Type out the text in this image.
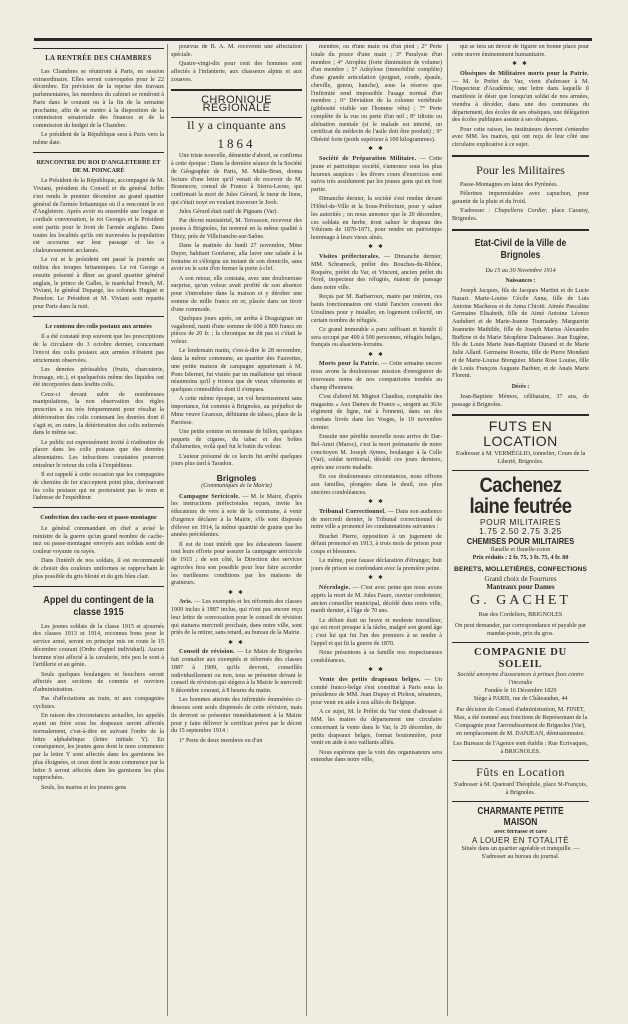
LA RENTRÉE DES CHAMBRES

Les Chambres se réuniront à Paris, en session extraordinaire. Elles seront convoquées pour le 22 décembre. En prévision de la reprise des travaux parlementaires, les membres du cabinet se rendront à Paris dans le courant ou à la fin de la semaine prochaine, afin de se mettre à la disposition de la commission sénatoriale des finances et de la commission du budget de la Chambre.

Le président de la République sera à Paris vers la même date.

RENCONTRE DU ROI D'ANGLETERRE ET DE M. POINCARÉ

Le Président de la République, accompagné de M. Viviani, président du Conseil et du général Joffre s'est rendu le premier décembre au grand quartier général de l'armée britannique où il a rencontré le roi d'Angleterre. Après avoir eu ensemble une longue et cordiale conversation, le roi Georges et le Président sont partis pour le front de l'armée anglaise. Dans toutes les localités qu'ils ont traversées la population est accourue sur leur passage et les a chaleureusement acclamés.

Le roi et le président ont passé la journée au milieu des troupes britanniques. Le roi George a ensuite présenté à dîner au grand quartier général anglais, le prince de Galles, le maréchal French, M. Viviani, le général Dupargé, les colonels Huguet et Penelon. Le Président et M. Viviani sont repartis pour Paris dans la nuit.

Le contenu des colis postaux aux armées

Il a été constaté trop souvent que les prescriptions de la circulaire du 3 octobre dernier, concernant l'envoi des colis postaux aux armées n'étaient pas strictement observées.

Les denrées périssables (fruits, charcuterie, fromage, etc.), et quelquefois même des liquides ont été incorporées dans lesdits colis.

Ceux-ci devant subir de nombreuses manipulations, la non observation des règles prescrites a eu très fréquemment pour résultat la détérioration des colis contenant les denrées dont il s'agit et, en outre, la détérioration des colis enfermés dans le même sac.

Le public est expressément invité à n'admettre de placer dans les colis postaux que des denrées alimentaires. Les infractions constatées pourront entraîner le retour du colis à l'expéditeur.

Il est rappelé à cette occasion que les compagnies de chemins de fer n'acceptent point plus, dorénavant les colis postaux qui ne porteraient pas le nom et l'adresse de l'expéditeur.

Confection des cache-nez et passe-montagne

Le général commandant en chef a avisé le ministre de la guerre qu'un grand nombre de cache-nez ou passe-montagne envoyés aux soldats sont de couleur voyante ou rayés.

Dans l'intérêt de nos soldats, il est recommandé de choisir des couleurs uniformes se rapprochant le plus possible du gris bleuté et du gris bleu clair.

Appel du contingent de la classe 1915

Les jeunes soldats de la classe 1915 et ajournés des classes 1913 et 1914, reconnus bons pour le service armé, seront en principe mis en route le 15 décembre courant (Ordre d'appel individuel). Aucun homme n'est affecté à la cavalerie, très peu le sont à l'artillerie et au génie.

Seuls quelques boulangers et bouchers seront affectés aux sections de commis et ouvriers d'administration.

Pas d'affectations au train, ni aux compagnies cyclistes.

En raison des circonstances actuelles, les appelés ayant un frère sous les drapeaux seront affectés normalement, c'est-à-dire en suivant l'ordre de la lettre alphabétique (lettre initiale Y). En conséquence, les jeunes gens dont le nom commence par la lettre Y sont affectés dans les garnisons les plus éloignées, et ceux dont le nom commence par la lettre S seront affectés dans les garnisons les plus rapprochées.

Seuls, les marins et les jeunes gens

pourvus de B. A. M. recevront une affectation spéciale.

Quatre-vingt-dix pour cent des hommes sont affectés à l'infanterie, aux chasseurs alpins et aux zouaves.

CHRONIQUE RÉGIONALE
Il y a cinquante ans
1864

Une triste nouvelle, démentie d'abord, se confirma à cette époque : Dans la dernière séance de la Société de Géographie de Paris, M. Malte-Brun, donna lecture d'une lettre qu'il venait de recevoir de M. Braunecre, consul de France à Sierra-Leone, qui confirmait la mort de Jules Gérard, le tueur de lions, qui s'était noyé en voulant traverser le Joob.

Jules Gérard était natif de Pignans (Var).

Par décret ministériel, M. Terrasson, receveur des postes à Brignoles, fut nommé en la même qualité à Thizy, près de Villefranche-sur-Saône.

Dans la matinée du lundi 27 novembre, Mme Duyer, habitant Gonfaron, alla laver une salade à la fontaine et s'éloigna un instant de son domicile, sans avoir eu le soin d'en fermer la porte à clef.

A son retour, elle constata, avec une douloureuse surprise, qu'un voleur avait profité de son absence pour s'introduire dans la maison et y dérober une somme de mille francs en or, placée dans un tiroir d'une commode.

Quelques jours après, on arrêta à Draguignan un vagabond, nanti d'une somme de 600 à 800 francs en pièces de 20 fr. ; la chronique ne dit pas si c'était le voleur.

Le lendemain matin, c'est-à-dire le 28 novembre, dans la même commune, au quartier des Fauvettes, une petite maison de campagne appartenant à M. Pons Isfernet, fut visitée par un malfaiteur qui réussit néanmoins qu'il y trouva que de vieux vêtements et quelques comestibles dont il s'empara.

A cette même époque, un vol heureusement sans importance, fut commis à Brignoles, au préjudice de Mme veuve Granoux, débitante de tabacs, place de la Paroisse.

Une petite somme en monnaie de billon, quelques paquets de cigares, du tabac et des boîtes d'allumettes, voilà quel fut le butin du voleur.

L'auteur présumé de ce larcin fut arrêté quelques jours plus tard à Taradon.

Brignoles
(Communiqués de la Mairie)

Campagne Sericicole. — M. le Maire, d'après les instructions préfectorales reçues, invite les éducateurs de vers à soie de la commune, à venir d'urgence déclarer à la Mairie, s'ils sont disposés d'élever en 1914, la même quantité de graine que les années précédentes.

Il est de tout intérêt que les éducateurs fassent tout leurs efforts pour assurer la campagne séricicole de 1915 ; de son côté, la Direction des services agricoles fera son possible pour leur faire accorder les meilleures conditions par les maisons de graineurs.

✱ ✱

Avis. — Les exemptés et les réformés des classes 1909 inclus à 1887 inclus, qui n'ont pas encore reçu leur lettre de convocation pour le conseil de révision qui statuera mercredi prochain, dans notre ville, sont priés de la retirer, sans retard, au bureau de la Mairie.

✱ ✱

Conseil de révision. — Le Maire de Brignoles fait connaître aux exemptés et réformés des classes 1887 à 1909, qu'ils devront, conseillés individuellement ou non, tous se présenter devant le conseil de révision qui siégera à la Mairie le mercredi 9 décembre courant, à 8 heures du matin.

Les hommes atteints des infirmités énumérées ci-dessous sont seuls dispensés de cette révision, mais ils devront se présenter immédiatement à la Mairie pour y faire délivrer le certificat prévu par le décret du 15 septembre 1914 :

1° Perte de deux membres ou d'un

membre, ou d'une main ou d'un pied ; 2° Perte totale du pouce d'une main ; 3° Paralysie d'un membre ; 4° Atrophie (forte diminution de volume) d'un membre ; 5° Ankylose (immobilité complète) d'une grande articulation (poignet, coude, épaule, cheville, genou, hanche), sous la réserve que l'infirmité rend impossible l'usage normal d'un membre ; 6° Déviation de la colonne vertébrale (gibbosité visible sur l'homme vêtu) ; 7° Perte complète de la vue ou perte d'un œil ; 8° Idiotie ou aliénation mentale (si le malade est interné, un certificat du médecin de l'asile doit être produit) ; 9° Obésité forte (poids supérieur à 100 kilogrammes).

✱ ✱

Société de Préparation Militaire. — Cette jeune et patriotique société, s'annonce sous les plus heureux auspices : les divers cours d'exercices sont suivis très assidument par les jeunes gens qui en font partie.

Dimanche dernier, la société s'est rendue devant l'Hôtel-de-Ville et la Sous-Préfecture, pour y saluer les autorités ; on nous annonce que le 20 décembre, ces soldats en herbe, iront saluer le drapeau des Vétérans de 1870-1871, pour rendre un patriotique hommage à leurs vieux aînés.

✱ ✱

Visites préfectorales. — Dimanche dernier, MM. Schrameck, préfet des Bouches-du-Rhône, Roquère, préfet du Var, et Vincent, ancien préfet du Nord, inspecteur des réfugiés, étaient de passage dans notre ville.

Reçus par M. Barbarroux, maire par intérim, ces hauts fonctionnaires ont visité l'ancien couvent des Ursulines pour y installer, en logement collectif, un certain nombre de réfugiés.

Ce grand immeuble a paru suffisant et bientôt il sera occupé par 400 à 500 personnes, réfugiés belges, français ou alsaciens-lorrains.

✱ ✱

Morts pour la Patrie. — Cette semaine encore nous avons la douloureuse mission d'enregistrer de nouveaux noms de nos compatriotes tombés au champ d'honneur.

C'est d'abord M. Mignot Claudius, comptable des magasins « Aux Dames de France », sergent au 363e régiment de ligne, tué à l'ennemi, dans un des combats livrés dans les Vosges, le 19 novembre dernier.

Ensuite une pénible nouvelle nous arrive de Dar-Bel-Amri (Maroc), c'est la mort prématurée de notre concitoyen M. Joseph Aymes, boulanger à la Celle (Var), soldat territorial, décédé ces jours derniers, après une courte maladie.

En ces douloureuses circonstances, nous offrons aux familles, plongées dans le deuil, nos plus sincères condoléances.

✱ ✱

Tribunal Correctionnel. — Dans son audience de mercredi dernier, le Tribunal correctionnel de notre ville a prononcé les condamnations suivantes :

Brachet Pierre, opposition à un jugement de défaut prononcé en 1913, à trois mois de prison pour coups et blessures.

Le même, pour fausse déclaration d'étranger, huit jours de prison se confondant avec la première peine.

✱ ✱

Nécrologie. — C'est avec peine que nous avons appris la mort de M. Jules Faure, ouvrier cordonnier, ancien conseiller municipal, décédé dans notre ville, mardi dernier, à l'âge de 70 ans.

Le défunt était un brave et modeste travailleur, qui est mort presque à la tâche, malgré son grand âge ; c'est lui qui fut l'un des premiers à se rendre à l'appel et qui fit la guerre de 1870.

Nous présentons à sa famille nos respectueuses condoléances.

✱ ✱

Vente des petits drapeaux belges. — Un comité franco-belge s'est constitué à Paris sous la présidence de MM. Jean Dupuy et Pichon, sénateurs, pour venir en aide à nos alliés de Belgique.

A ce sujet, M. le Préfet du Var vient d'adresser à MM. les maires du département une circulaire concernant la vente dans le Var, le 20 décembre, de petits drapeaux belges, format boutonnière, pour venir en aide à nos vaillants alliés.

Nous espérons que la voix des organisateurs sera entendue dans notre ville,

qui se fera un devoir de figurer en bonne place pour cette œuvre éminemment humanitaire.

✱ ✱

Obsèques de Militaires morts pour la Patrie. — M. le Préfet du Var, vient d'adresser à M. l'Inspecteur d'Académie, une lettre dans laquelle il manifeste le désir que lorsqu'un soldat de nos armées, viendra à décéder, dans une des communes du département, des écoles de ses obsèques, une délégation des écoles publiques assiste à ses obsèques.

Pour cette raison, les instituteurs devront s'entendre avec MM. les maires, qui ont reçu de leur côté une circulaire explicative à ce sujet.

Pour les Militaires

Passe-Montagnes en laine des Pyrénées.

Pèlerines imperméables avec capuchon, pour garantir de la pluie et du froid.

S'adresser : Chapellerie Cordier, place Caramy, Brignoles.

Etat-Civil de la Ville de Brignoles
Du 15 au 30 Novembre 1914
Naissances :

Joseph Jacques, fils de Jacques Martini et de Lucie Nazari. Marie-Louise Cécile Anna, fille de Luis Antoine Macheras et de Anna Chiotti. Aimée Pascaline Germaine Elisabeth, fille de Aimé Antoine Léonce Audubert et de Marie-Jeanne Tournadey. Marguerite Jeannette Mathilde, fille de Joseph Marius Alexandre Buffene et de Marie Séraphine Dalmasso. Jean Eugène, fils de Louis Marie Jean-Baptiste Durand et de Marie Julie Allard. Germaine Rosette, fille de Pierre Mondani et de Marie-Louise Brenguier. Marie Rose Louise, fille de Louis François Auguste Barbier, et de Anaïs Marie Florent.

Décès :

Jean-Baptiste Mémos, célibataire, 37 ans, de passage à Brignoles.

FUTS EN LOCATION
S'adresser à M. VERMÉGLIO, tonnelier, Cours de la Liberté, Brignoles.
Cachenez laine feutrée
POUR MILITAIRES
1.75 2.50 2.75 3.25
CHEMISES POUR MILITAIRES
flanelle et flanelle-coton
Prix réduits : 2 fr. 75, 3 fr. 75, 4 fr. 80
BERETS, MOLLETIÈRES, CONFECTIONS
Grand choix de Fourrures
Manteaux pour Dames
G. GACHET
Rue des Cordeliers, BRIGNOLES
On peut demander, par correspondance et payable par mandat-poste, prix du gros.
COMPAGNIE DU SOLEIL
Société anonyme d'assurances à primes fixes contre l'incendie
Fondée le 16 Décembre 1829
Siège à PARIS, rue de Châteaudun, 44
Par décision du Conseil d'administration, M. FINET, Max, a été nommé aux fonctions de Représentant de la Compagnie pour l'arrondissement de Brignoles (Var), en remplacement de M. DANJEAN, démissionnaire.
Les Bureaux de l'Agence sont établis : Rue Ecrivaques, à BRIGNOLES.
Fûts en Location
S'adresser à M. Queirard Théophile, place St-François, à Brignoles.
CHARMANTE PETITE MAISON
avec terrasse et cave
A LOUER EN TOTALITÉ
Située dans un quartier agréable et tranquille. — S'adresser au bureau du journal.
